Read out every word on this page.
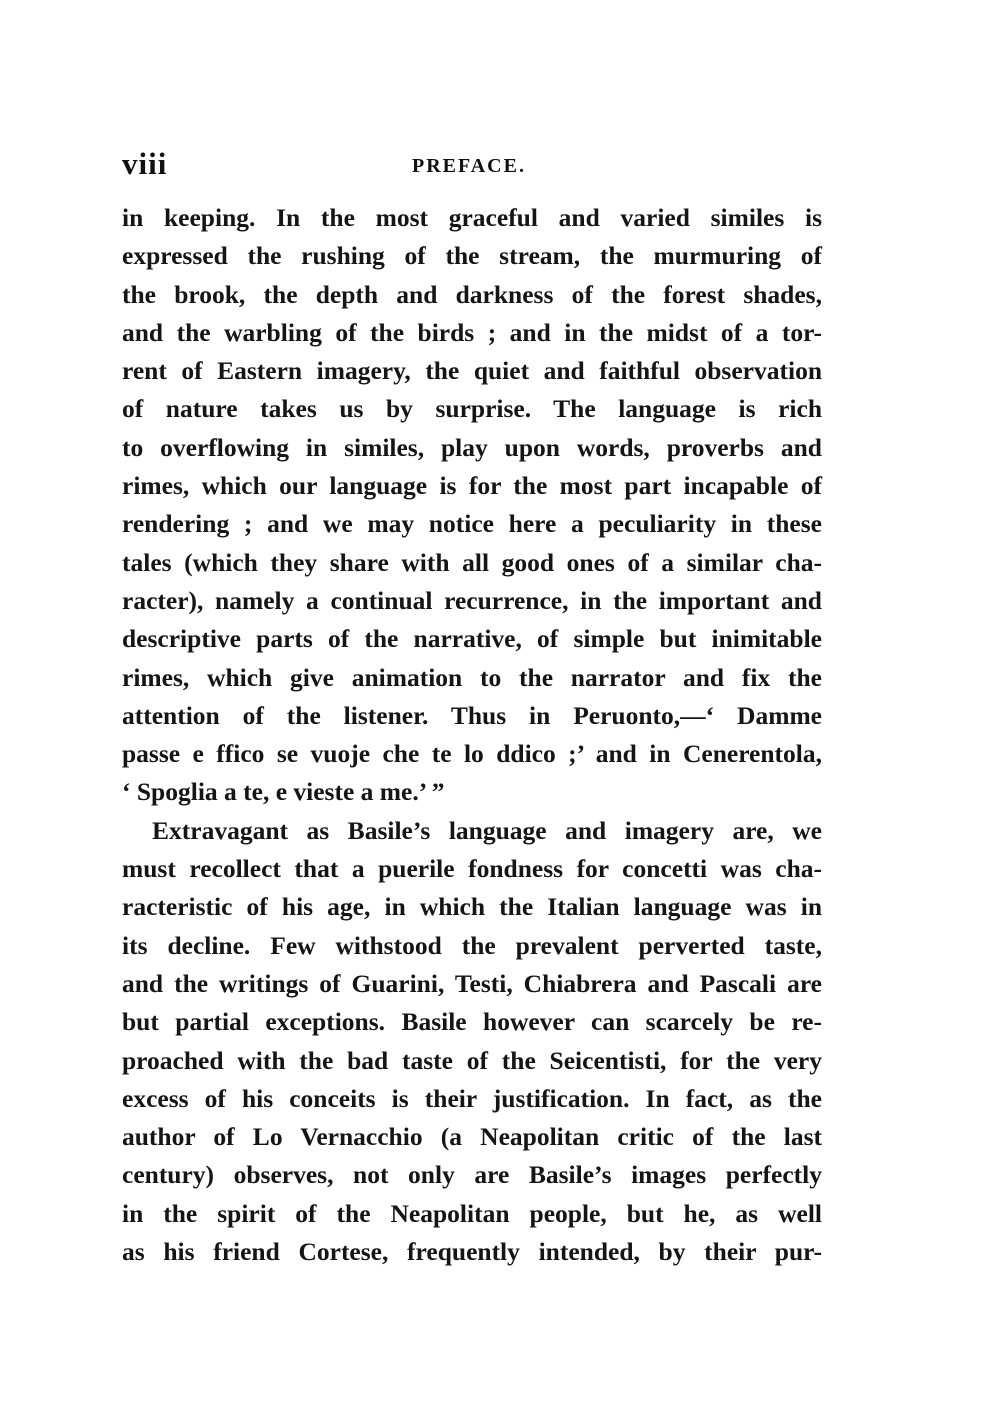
viii	PREFACE.
in keeping. In the most graceful and varied similes is
expressed the rushing of the stream, the murmuring of
the brook, the depth and darkness of the forest shades,
and the warbling of the birds ; and in the midst of a tor-
rent of Eastern imagery, the quiet and faithful observation
of nature takes us by surprise. The language is rich
to overflowing in similes, play upon words, proverbs and
rimes, which our language is for the most part incapable of
rendering ; and we may notice here a peculiarity in these
tales (which they share with all good ones of a similar cha-
racter), namely a continual recurrence, in the important and
descriptive parts of the narrative, of simple but inimitable
rimes, which give animation to the narrator and fix the
attention of the listener. Thus in Peruonto,—‘ Damme
passe e ffico se vuoje che te lo ddico ;’ and in Cenerentola,
‘ Spoglia a te, e vieste a me.’ ”
Extravagant as Basile’s language and imagery are, we
must recollect that a puerile fondness for concetti was cha-
racteristic of his age, in which the Italian language was in
its decline. Few withstood the prevalent perverted taste,
and the writings of Guarini, Testi, Chiabrera and Pascali are
but partial exceptions. Basile however can scarcely be re-
proached with the bad taste of the Seicentisti, for the very
excess of his conceits is their justification. In fact, as the
author of Lo Vernacchio (a Neapolitan critic of the last
century) observes, not only are Basile’s images perfectly
in the spirit of the Neapolitan people, but he, as well
as his friend Cortese, frequently intended, by their pur-
